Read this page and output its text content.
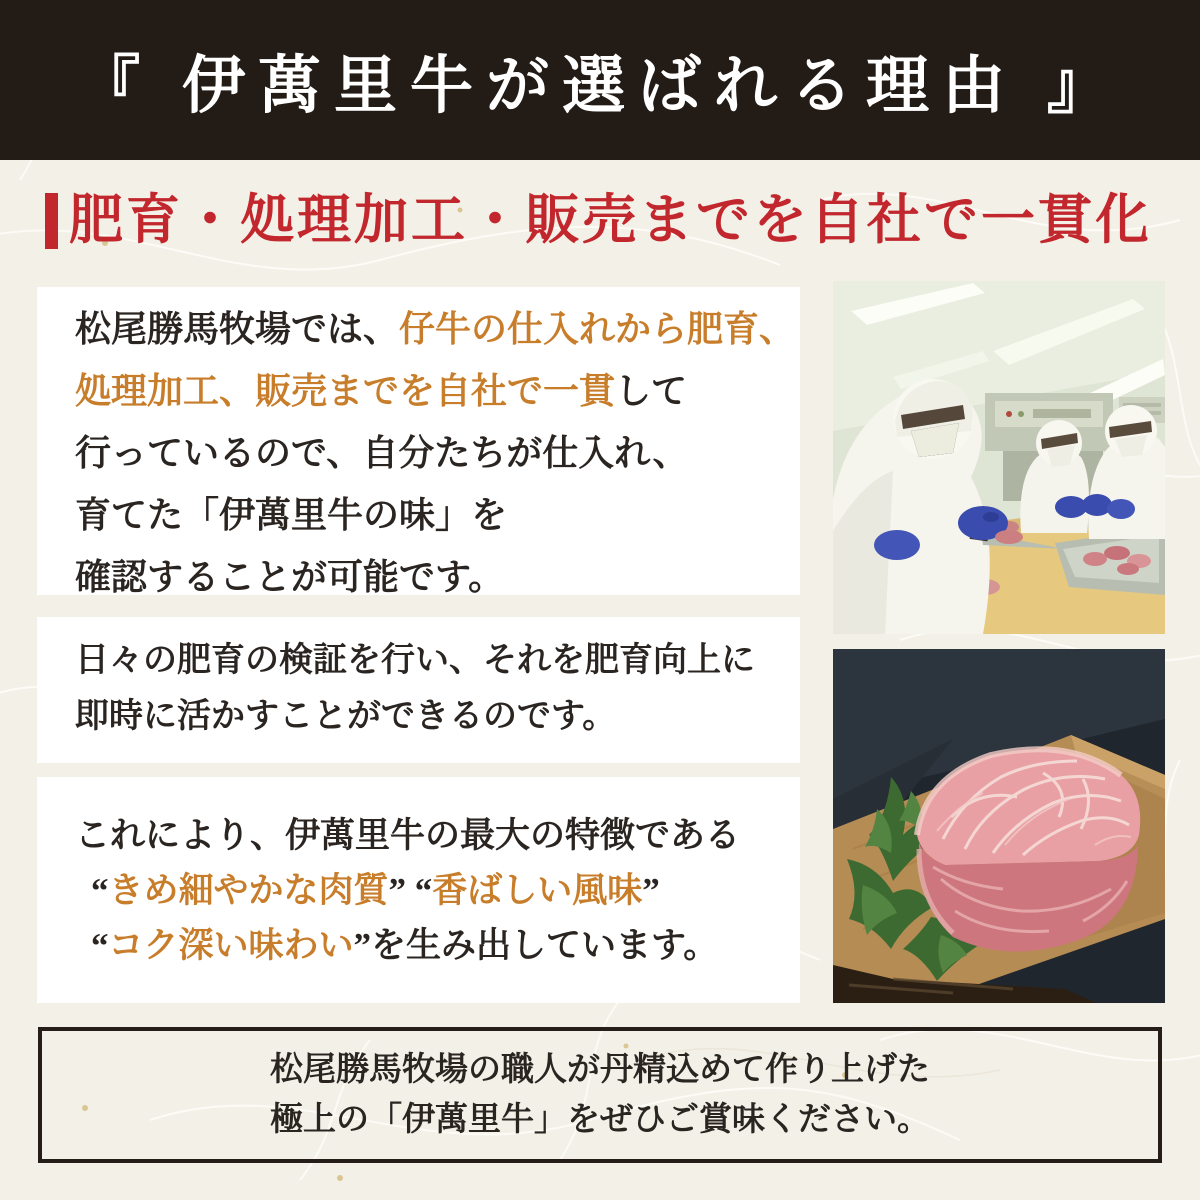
『 伊萬里牛が選ばれる理由 』
肥育・処理加工・販売までを自社で一貫化
松尾勝馬牧場では、仔牛の仕入れから肥育、
処理加工、販売までを自社で一貫して
行っているので、自分たちが仕入れ、
育てた「伊萬里牛の味」を
確認することが可能です。
日々の肥育の検証を行い、それを肥育向上に
即時に活かすことができるのです。
これにより、伊萬里牛の最大の特徴である
“きめ細やかな肉質” “香ばしい風味”
“コク深い味わい”を生み出しています。
松尾勝馬牧場の職人が丹精込めて作り上げた
極上の「伊萬里牛」をぜひご賞味ください。
